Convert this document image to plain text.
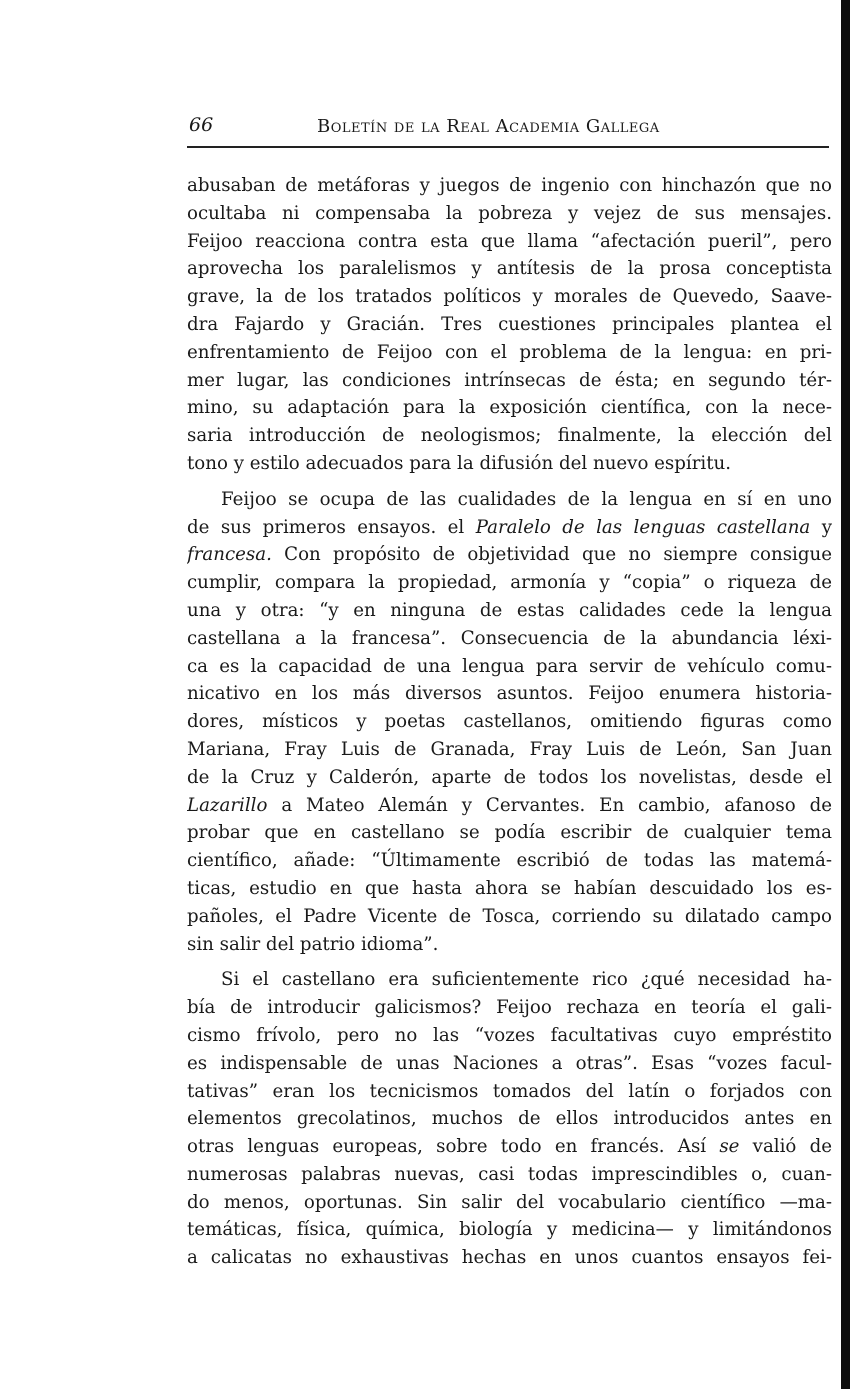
66	Boletín de la Real Academia Gallega
abusaban de metáforas y juegos de ingenio con hinchazón que no
ocultaba ni compensaba la pobreza y vejez de sus mensajes.
Feijoo reacciona contra esta que llama “afectación pueril”, pero
aprovecha los paralelismos y antítesis de la prosa conceptista
grave, la de los tratados políticos y morales de Quevedo, Saave-
dra Fajardo y Gracián. Tres cuestiones principales plantea el
enfrentamiento de Feijoo con el problema de la lengua: en pri-
mer lugar, las condiciones intrínsecas de ésta; en segundo tér-
mino, su adaptación para la exposición científica, con la nece-
saria introducción de neologismos; finalmente, la elección del
tono y estilo adecuados para la difusión del nuevo espíritu.
Feijoo se ocupa de las cualidades de la lengua en sí en uno
de sus primeros ensayos. el Paralelo de las lenguas castellana y
francesa. Con propósito de objetividad que no siempre consigue
cumplir, compara la propiedad, armonía y “copia” o riqueza de
una y otra: “y en ninguna de estas calidades cede la lengua
castellana a la francesa”. Consecuencia de la abundancia léxi-
ca es la capacidad de una lengua para servir de vehículo comu-
nicativo en los más diversos asuntos. Feijoo enumera historia-
dores, místicos y poetas castellanos, omitiendo figuras como
Mariana, Fray Luis de Granada, Fray Luis de León, San Juan
de la Cruz y Calderón, aparte de todos los novelistas, desde el
Lazarillo a Mateo Alemán y Cervantes. En cambio, afanoso de
probar que en castellano se podía escribir de cualquier tema
científico, añade: “Últimamente escribió de todas las matemá-
ticas, estudio en que hasta ahora se habían descuidado los es-
pañoles, el Padre Vicente de Tosca, corriendo su dilatado campo
sin salir del patrio idioma”.
Si el castellano era suficientemente rico ¿qué necesidad ha-
bía de introducir galicismos? Feijoo rechaza en teoría el gali-
cismo frívolo, pero no las “vozes facultativas cuyo empréstito
es indispensable de unas Naciones a otras”. Esas “vozes facul-
tativas” eran los tecnicismos tomados del latín o forjados con
elementos grecolatinos, muchos de ellos introducidos antes en
otras lenguas europeas, sobre todo en francés. Así se valió de
numerosas palabras nuevas, casi todas imprescindibles o, cuan-
do menos, oportunas. Sin salir del vocabulario científico —ma-
temáticas, física, química, biología y medicina— y limitándonos
a calicatas no exhaustivas hechas en unos cuantos ensayos fei-
